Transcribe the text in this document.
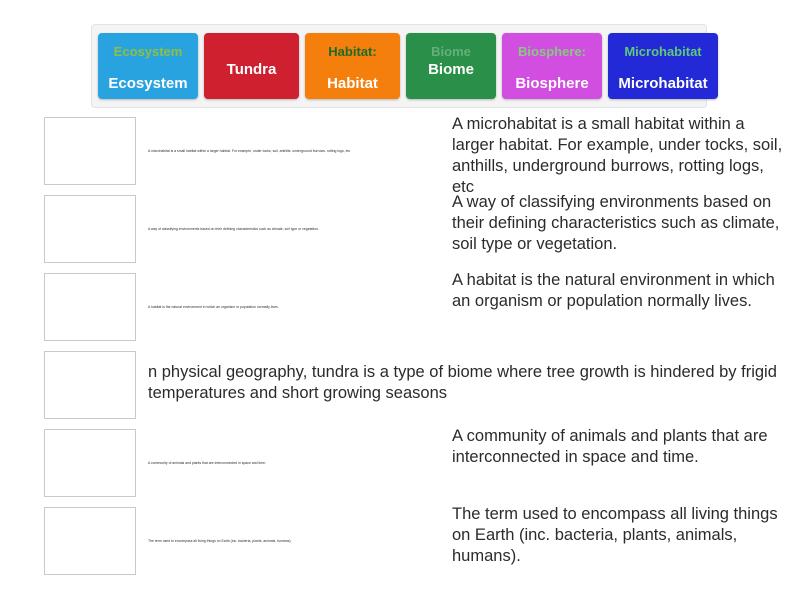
Ecosystem
Ecosystem
Tundra
Habitat:
Habitat
Biome
Biome
Biosphere:
Biosphere
Microhabitat
Microhabitat
A microhabitat is a small habitat within a larger habitat. For example, under tocks, soil, anthills, underground burrows, rotting logs, etc
A microhabitat is a small habitat within a larger habitat. For example, under tocks, soil, anthills, underground burrows, rotting logs, etc
A way of classifying environments based on their defining characteristics such as climate, soil type or vegetation.
A way of classifying environments based on their defining characteristics such as climate, soil type or vegetation.
A habitat is the natural environment in which an organism or population normally lives.
A habitat is the natural environment in which an organism or population normally lives.
n physical geography, tundra is a type of biome where tree growth is hindered by frigid temperatures and short growing seasons
A community of animals and plants that are interconnected in space and time.
A community of animals and plants that are interconnected in space and time.
The term used to encompass all living things on Earth (inc. bacteria, plants, animals, humans).
The term used to encompass all living things on Earth (inc. bacteria, plants, animals, humans).
